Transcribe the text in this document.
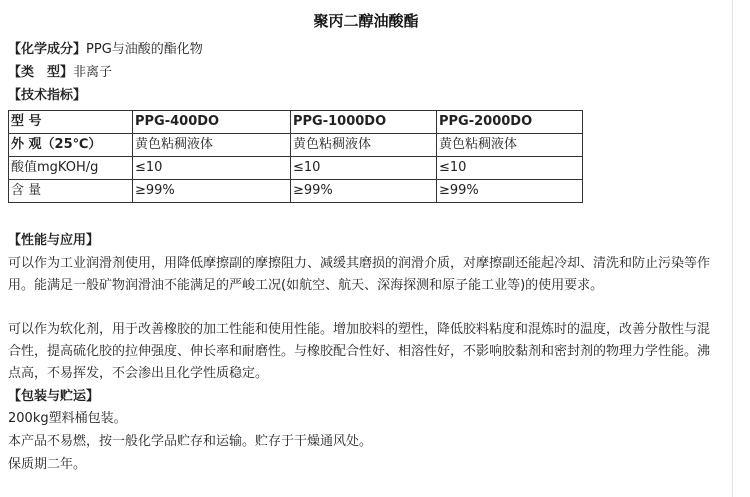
聚丙二醇油酸酯
【化学成分】PPG与油酸的酯化物
【类　型】非离子
【技术指标】
型 号	PPG-400DO	PPG-1000DO	PPG-2000DO
外 观（25℃）	黄色粘稠液体	黄色粘稠液体	黄色粘稠液体
酸值mgKOH/g	≤10	≤10	≤10
含 量	≥99%	≥99%	≥99%
【性能与应用】
可以作为工业润滑剂使用，用降低摩擦副的摩擦阻力、减缓其磨损的润滑介质，对摩擦副还能起冷却、清洗和防止污染等作用。能满足一般矿物润滑油不能满足的严峻工况(如航空、航天、深海探测和原子能工业等)的使用要求。
可以作为软化剂，用于改善橡胶的加工性能和使用性能。增加胶料的塑性，降低胶料粘度和混炼时的温度，改善分散性与混合性，提高硫化胶的拉伸强度、伸长率和耐磨性。与橡胶配合性好、相溶性好，不影响胶黏剂和密封剂的物理力学性能。沸点高，不易挥发，不会渗出且化学性质稳定。
【包装与贮运】
200kg塑料桶包装。
本产品不易燃，按一般化学品贮存和运输。贮存于干燥通风处。
保质期二年。
